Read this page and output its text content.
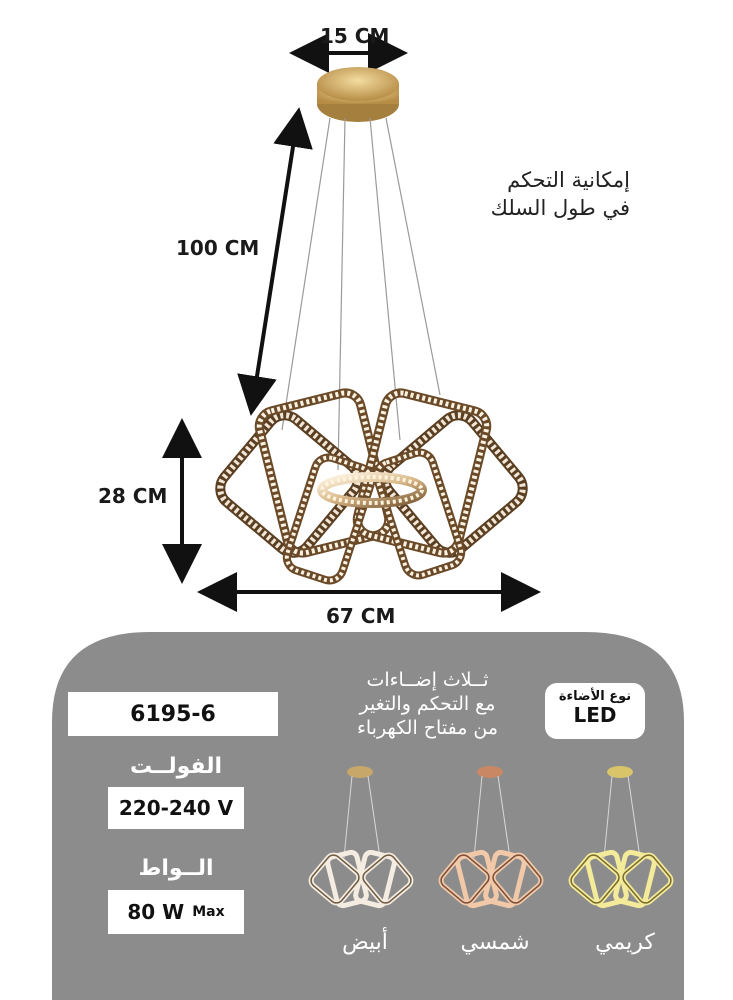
15 CM
100 CM
28 CM
67 CM
إمكانية التحكم
في طول السلك
6195-6
الفولــت
220-240 V
الــواط
80 W Max
نوع الأضاءة
LED
ثــلاث إضــاءات
مع التحكم والتغير
من مفتاح الكهرباء
أبيض	شمسي	كريمي
